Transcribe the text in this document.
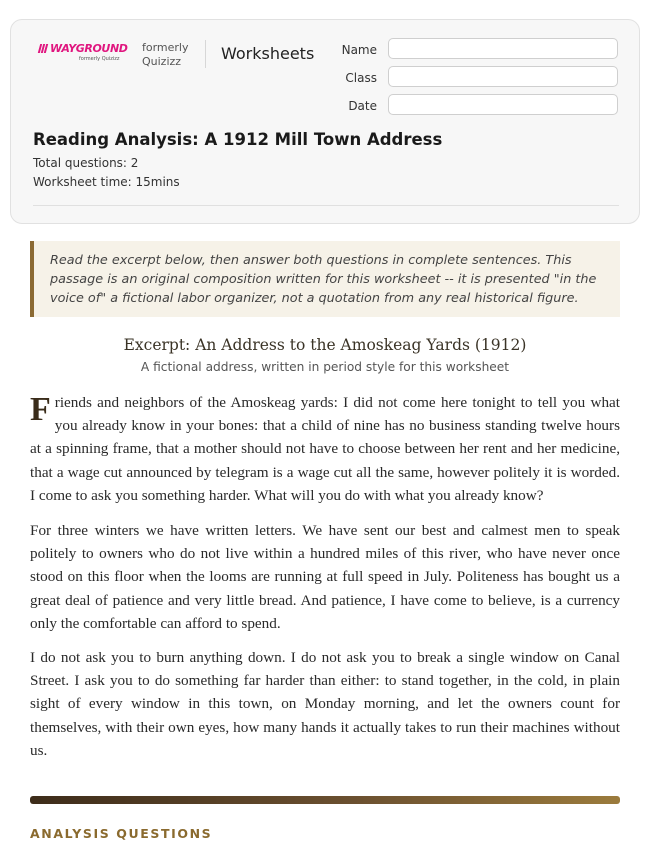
WAYGROUND
formerly Quizizz
formerly
Quizizz	Worksheets	Name
Class
Date
Reading Analysis: A 1912 Mill Town Address
Total questions: 2
Worksheet time: 15mins
Read the excerpt below, then answer both questions in complete sentences. This passage is an original composition written for this worksheet -- it is presented "in the voice of" a fictional labor organizer, not a quotation from any real historical figure.
Excerpt: An Address to the Amoskeag Yards (1912)
A fictional address, written in period style for this worksheet
Friends and neighbors of the Amoskeag yards: I did not come here tonight to tell you what you already know in your bones: that a child of nine has no business standing twelve hours at a spinning frame, that a mother should not have to choose between her rent and her medicine, that a wage cut announced by telegram is a wage cut all the same, however politely it is worded. I come to ask you something harder. What will you do with what you already know?
For three winters we have written letters. We have sent our best and calmest men to speak politely to owners who do not live within a hundred miles of this river, who have never once stood on this floor when the looms are running at full speed in July. Politeness has bought us a great deal of patience and very little bread. And patience, I have come to believe, is a currency only the comfortable can afford to spend.
I do not ask you to burn anything down. I do not ask you to break a single window on Canal Street. I ask you to do something far harder than either: to stand together, in the cold, in plain sight of every window in this town, on Monday morning, and let the owners count for themselves, with their own eyes, how many hands it actually takes to run their machines without us.
ANALYSIS QUESTIONS
